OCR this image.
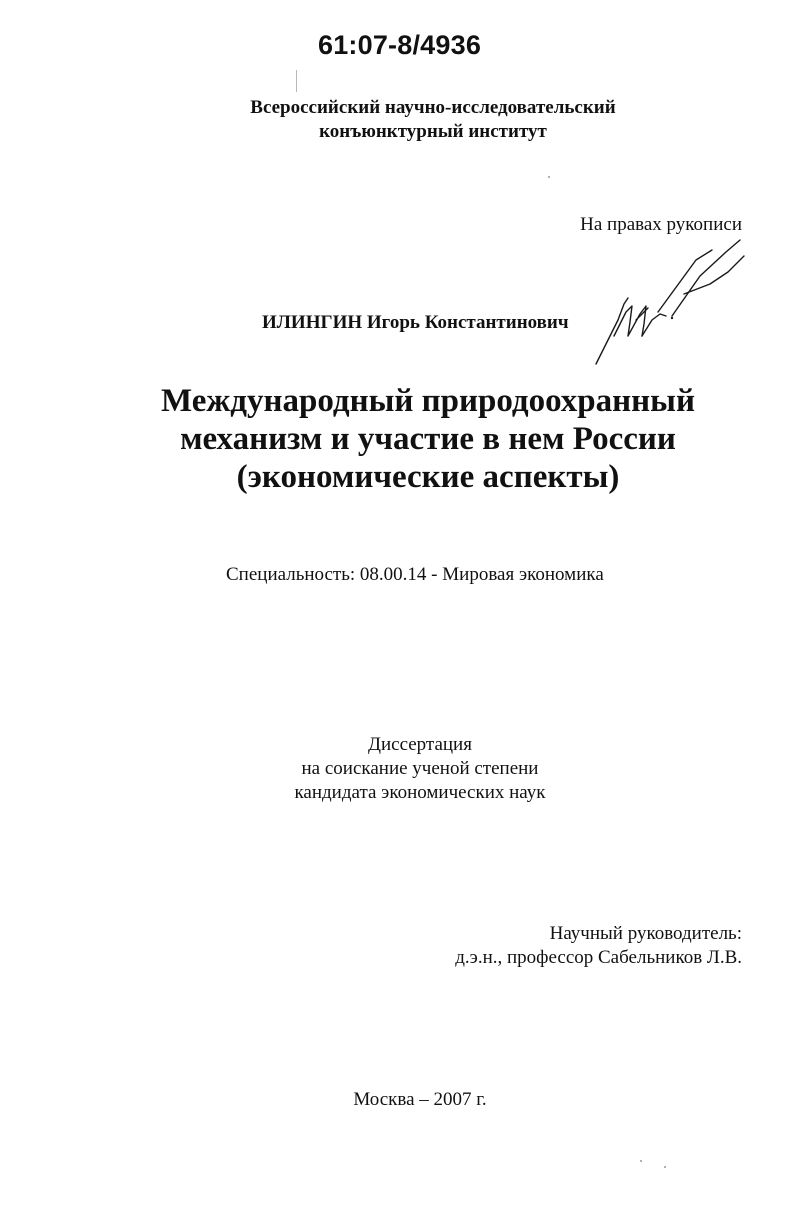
61:07-8/4936
Всероссийский научно-исследовательский
конъюнктурный институт
На правах рукописи
ИЛИНГИН Игорь Константинович
Международный природоохранный
механизм и участие в нем России
(экономические аспекты)
Специальность: 08.00.14 - Мировая экономика
Диссертация
на соискание ученой степени
кандидата экономических наук
Научный руководитель:
д.э.н., профессор Сабельников Л.В.
Москва – 2007 г.
